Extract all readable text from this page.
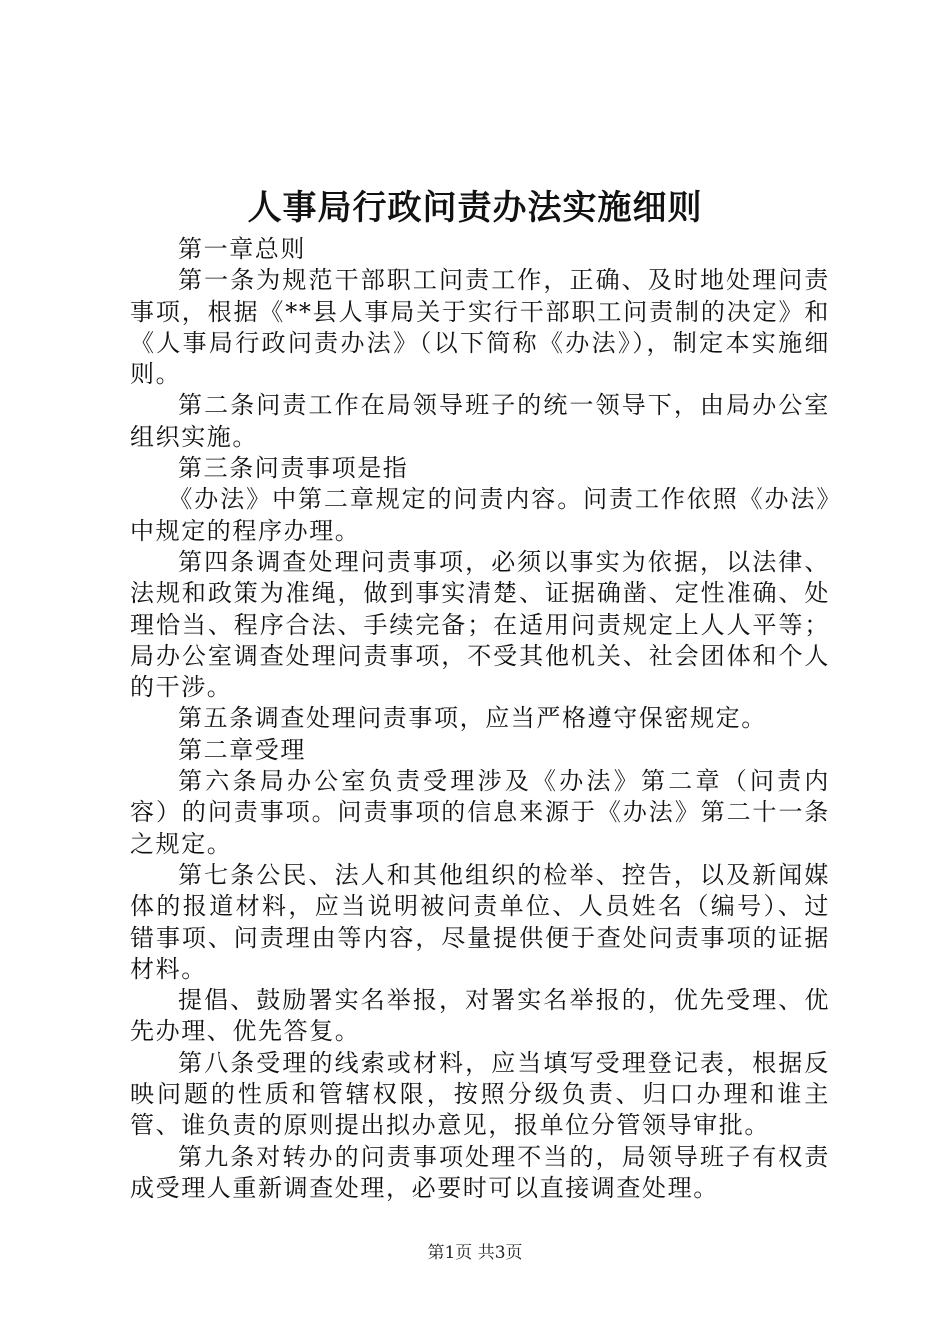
人事局行政问责办法实施细则

第一章总则

第一条为规范干部职工问责工作，正确、及时地处理问责事项，根据《**县人事局关于实行干部职工问责制的决定》和《人事局行政问责办法》（以下简称《办法》），制定本实施细则。

第二条问责工作在局领导班子的统一领导下，由局办公室组织实施。

第三条问责事项是指

《办法》中第二章规定的问责内容。问责工作依照《办法》中规定的程序办理。

第四条调查处理问责事项，必须以事实为依据，以法律、法规和政策为准绳，做到事实清楚、证据确凿、定性准确、处理恰当、程序合法、手续完备；在适用问责规定上人人平等；局办公室调查处理问责事项，不受其他机关、社会团体和个人的干涉。

第五条调查处理问责事项，应当严格遵守保密规定。

第二章受理

第六条局办公室负责受理涉及《办法》第二章（问责内容）的问责事项。问责事项的信息来源于《办法》第二十一条之规定。

第七条公民、法人和其他组织的检举、控告，以及新闻媒体的报道材料，应当说明被问责单位、人员姓名（编号）、过错事项、问责理由等内容，尽量提供便于查处问责事项的证据材料。

提倡、鼓励署实名举报，对署实名举报的，优先受理、优先办理、优先答复。

第八条受理的线索或材料，应当填写受理登记表，根据反映问题的性质和管辖权限，按照分级负责、归口办理和谁主管、谁负责的原则提出拟办意见，报单位分管领导审批。

第九条对转办的问责事项处理不当的，局领导班子有权责成受理人重新调查处理，必要时可以直接调查处理。

第1页 共3页
